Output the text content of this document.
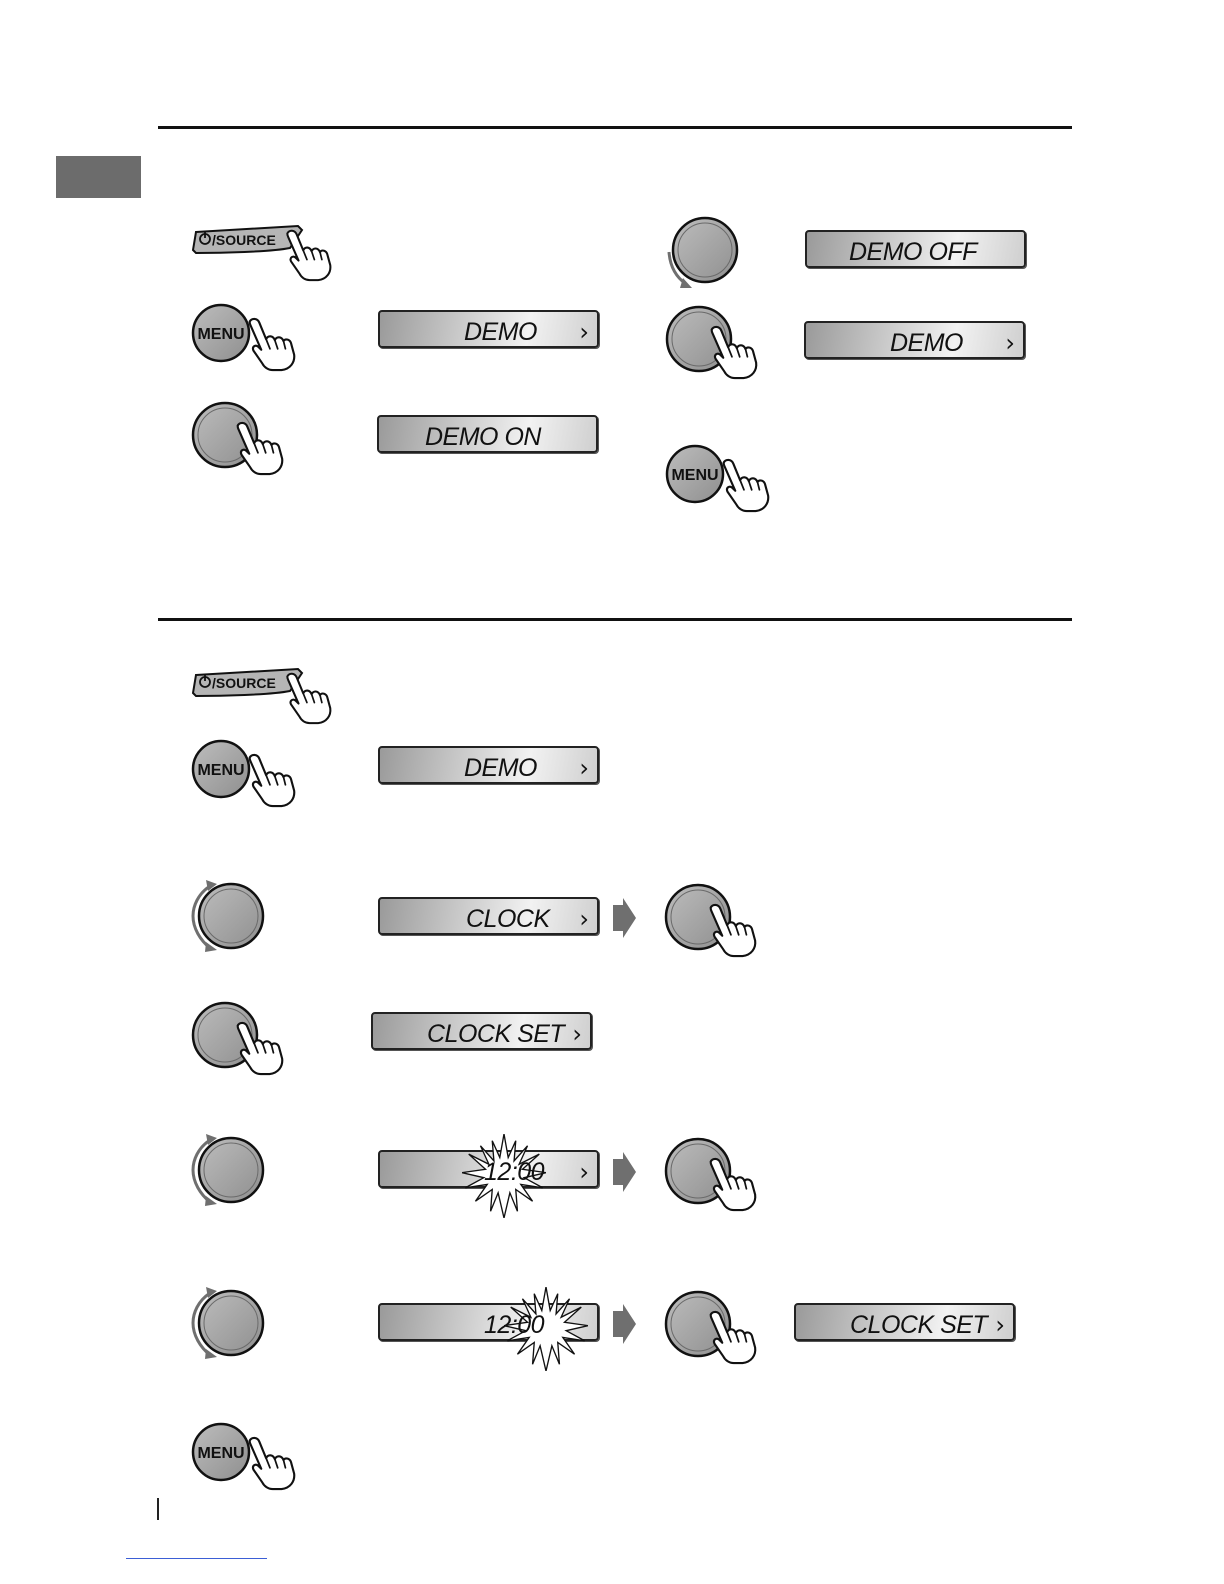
/SOURCE
MENU	DEMO ›
DEMO ON
DEMO OFF
DEMO ›
MENU
/SOURCE
MENU	DEMO ›
CLOCK ›
CLOCK SET ›
12:00 ›
12:00	CLOCK SET ›
MENU
